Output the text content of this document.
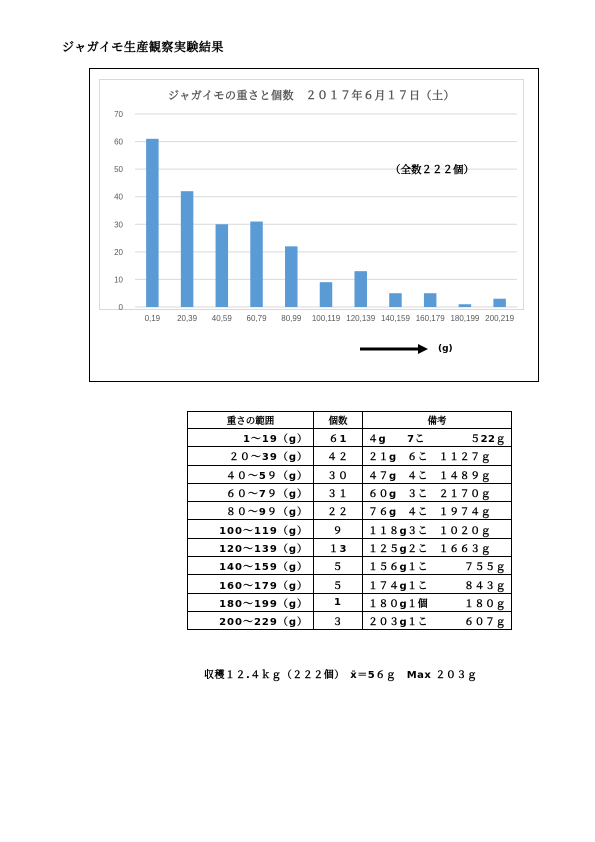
ジャガイモ生産観察実験結果
0
10
20
30
40
50
60
70
0,19 20,39 40,59 60,79 80,99 100,119 120,139 140,159 160,179 180,199 200,219
ジャガイモの重さと個数　２０１７年６月１７日（土）
（全数２２２個）
(g)
重さの範囲	個数	備考
1～19（g）	６1	４g　　7こ ５22ｇ

２０～39（g）	４２	２１g　６こ　１１２７ｇ
４０～5９（g）	３０	４７g　４こ　１４８９ｇ
６０～7９（g）	３１	６０g　３こ　２１７０ｇ
８０～9９（g）	２２	７６g　４こ　１９７４ｇ
100～119（g）	９	１１８g３こ　１０２０ｇ
120～139（g）	１3	１２５g２こ　１６６３ｇ
140～159（g）	５	１５６g１こ ７５５ｇ

160～179（g）	５	１７４g１こ ８４３ｇ

180～199（g）	1	１８０g１個 １８０ｇ

200～229（g）	３	２０３g１こ ６０７ｇ
収穫１２.４ｋｇ（２２２個）　x̄＝5６ｇ　Max ２０３ｇ
